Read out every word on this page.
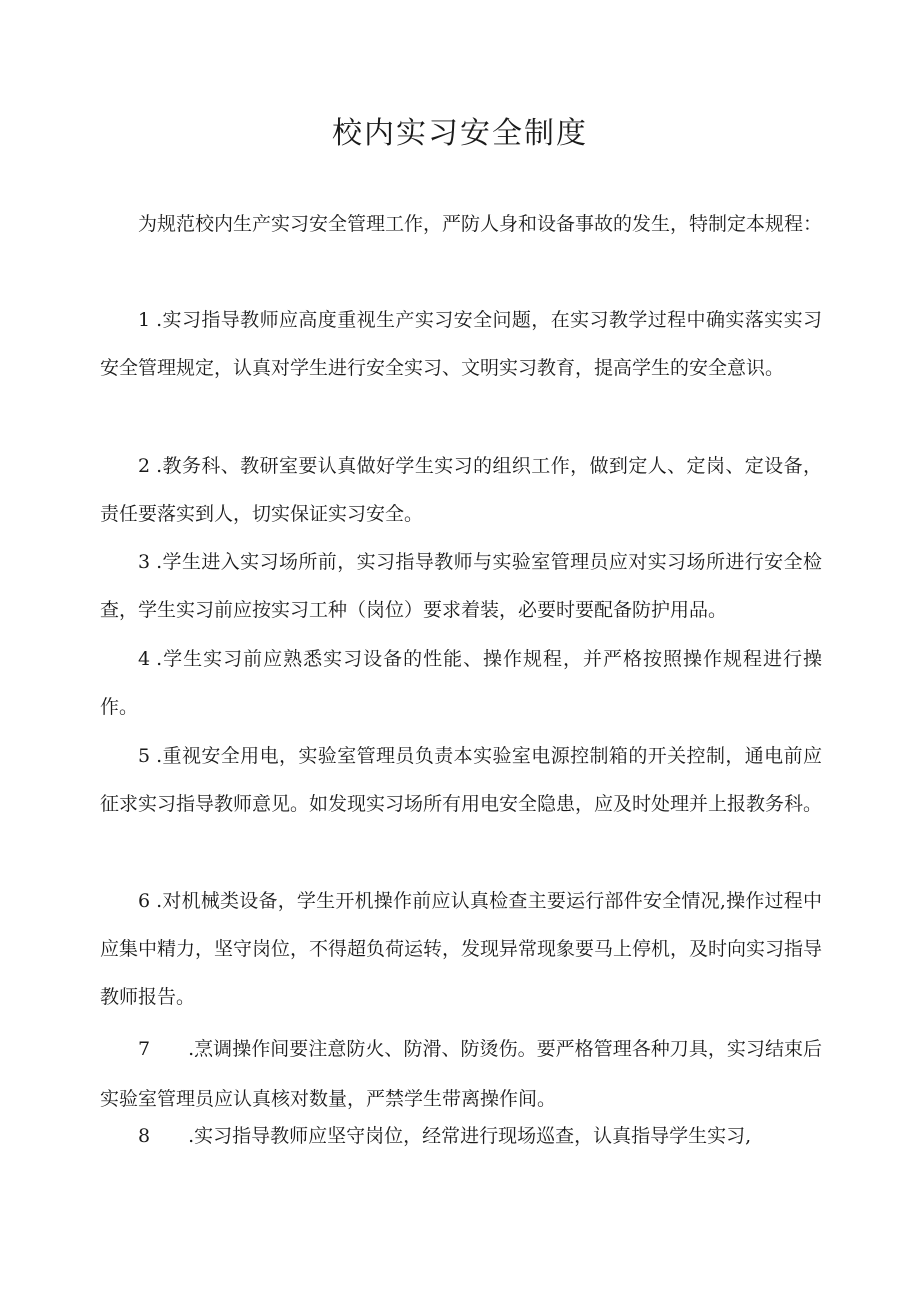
校内实习安全制度

为规范校内生产实习安全管理工作，严防人身和设备事故的发生，特制定本规程：

1 .实习指导教师应高度重视生产实习安全问题，在实习教学过程中确实落实实习安全管理规定，认真对学生进行安全实习、文明实习教育，提高学生的安全意识。

2 .教务科、教研室要认真做好学生实习的组织工作，做到定人、定岗、定设备，责任要落实到人，切实保证实习安全。

3 .学生进入实习场所前，实习指导教师与实验室管理员应对实习场所进行安全检查，学生实习前应按实习工种（岗位）要求着装，必要时要配备防护用品。

4 .学生实习前应熟悉实习设备的性能、操作规程，并严格按照操作规程进行操作。

5 .重视安全用电，实验室管理员负责本实验室电源控制箱的开关控制，通电前应征求实习指导教师意见。如发现实习场所有用电安全隐患，应及时处理并上报教务科。

6 .对机械类设备，学生开机操作前应认真检查主要运行部件安全情况,操作过程中应集中精力，坚守岗位，不得超负荷运转，发现异常现象要马上停机，及时向实习指导教师报告。

7 .烹调操作间要注意防火、防滑、防烫伤。要严格管理各种刀具，实习结束后实验室管理员应认真核对数量，严禁学生带离操作间。

8 .实习指导教师应坚守岗位，经常进行现场巡查，认真指导学生实习,
